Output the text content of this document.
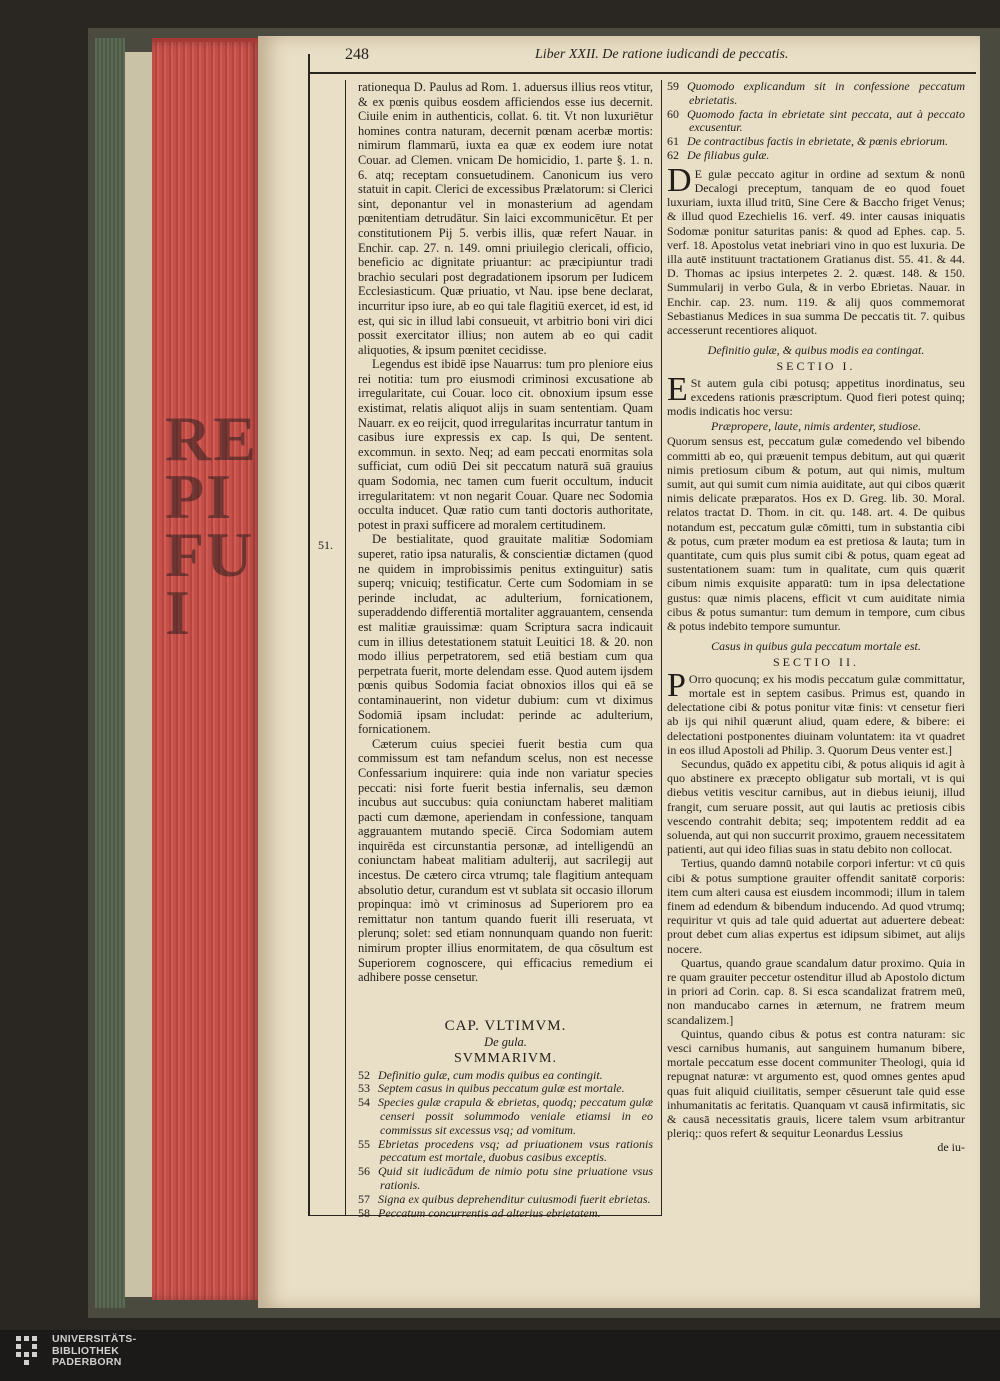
RE
PI
FU
I
248	Liber XXII. De ratione iudicandi de peccatis.
51.

rationequa D. Paulus ad Rom. 1. aduersus illius reos vtitur, & ex pœnis quibus eosdem afficiendos esse ius decernit. Ciuile enim in authenticis, collat. 6. tit. Vt non luxuriētur homines contra naturam, decernit pœnam acerbæ mortis: nimirum flammarū, iuxta ea quæ ex eodem iure notat Couar. ad Clemen. vnicam De homicidio, 1. parte §. 1. n. 6. atq; receptam consuetudinem. Canonicum ius vero statuit in capit. Clerici de excessibus Prælatorum: si Clerici sint, deponantur vel in monasterium ad agendam pœnitentiam detrudātur. Sin laici excommunicētur. Et per constitutionem Pij 5. verbis illis, quæ refert Nauar. in Enchir. cap. 27. n. 149. omni priuilegio clericali, officio, beneficio ac dignitate priuantur: ac præcipiuntur tradi brachio seculari post degradationem ipsorum per Iudicem Ecclesiasticum. Quæ priuatio, vt Nau. ipse bene declarat, incurritur ipso iure, ab eo qui tale flagitiū exercet, id est, id est, qui sic in illud labi consueuit, vt arbitrio boni viri dici possit exercitator illius; non autem ab eo qui cadit aliquoties, & ipsum pœnitet cecidisse.

Legendus est ibidē ipse Nauarrus: tum pro pleniore eius rei notitia: tum pro eiusmodi criminosi excusatione ab irregularitate, cui Couar. loco cit. obnoxium ipsum esse existimat, relatis aliquot alijs in suam sententiam. Quam Nauarr. ex eo reijcit, quod irregularitas incurratur tantum in casibus iure expressis ex cap. Is qui, De sentent. excommun. in sexto. Neq; ad eam peccati enormitas sola sufficiat, cum odiū Dei sit peccatum naturā suā grauius quam Sodomia, nec tamen cum fuerit occultum, inducit irregularitatem: vt non negarit Couar. Quare nec Sodomia occulta inducet. Quæ ratio cum tanti doctoris authoritate, potest in praxi sufficere ad moralem certitudinem.

De bestialitate, quod grauitate malitiæ Sodomiam superet, ratio ipsa naturalis, & conscientiæ dictamen (quod ne quidem in improbissimis penitus extinguitur) satis superq; vnicuiq; testificatur. Certe cum Sodomiam in se perinde includat, ac adulterium, fornicationem, superaddendo differentiā mortaliter aggrauantem, censenda est malitiæ grauissimæ: quam Scriptura sacra indicauit cum in illius detestationem statuit Leuitici 18. & 20. non modo illius perpetratorem, sed etiā bestiam cum qua perpetrata fuerit, morte delendam esse. Quod autem ijsdem pœnis quibus Sodomia faciat obnoxios illos qui eā se contaminauerint, non videtur dubium: cum vt diximus Sodomiā ipsam includat: perinde ac adulterium, fornicationem.

Cæterum cuius speciei fuerit bestia cum qua commissum est tam nefandum scelus, non est necesse Confessarium inquirere: quia inde non variatur species peccati: nisi forte fuerit bestia infernalis, seu dæmon incubus aut succubus: quia coniunctam haberet malitiam pacti cum dæmone, aperiendam in confessione, tanquam aggrauantem mutando speciē. Circa Sodomiam autem inquirēda est circunstantia personæ, ad intelligendū an coniunctam habeat malitiam adulterij, aut sacrilegij aut incestus. De cætero circa vtrumq; tale flagitium antequam absolutio detur, curandum est vt sublata sit occasio illorum propinqua: imò vt criminosus ad Superiorem pro ea remittatur non tantum quando fuerit illi reseruata, vt plerunq; solet: sed etiam nonnunquam quando non fuerit: nimirum propter illius enormitatem, de qua cōsultum est Superiorem cognoscere, qui efficacius remedium ei adhibere posse censetur.

CAP. VLTIMVM.
De gula.
SVMMARIVM.
52 Definitio gulæ, cum modis quibus ea contingit.
53 Septem casus in quibus peccatum gulæ est mortale.
54 Species gulæ crapula & ebrietas, quodq; peccatum gulæ censeri possit solummodo veniale etiamsi in eo commissus sit excessus vsq; ad vomitum.
55 Ebrietas procedens vsq; ad priuationem vsus rationis peccatum est mortale, duobus casibus exceptis.
56 Quid sit iudicādum de nimio potu sine priuatione vsus rationis.
57 Signa ex quibus deprehenditur cuiusmodi fuerit ebrietas.
58 Peccatum concurrentis ad alterius ebrietatem.
59 Quomodo explicandum sit in confessione peccatum ebrietatis.
60 Quomodo facta in ebrietate sint peccata, aut à peccato excusentur.
61 De contractibus factis in ebrietate, & pœnis ebriorum.
62 De filiabus gulæ.

D E gulæ peccato agitur in ordine ad sextum & nonū Decalogi preceptum, tanquam de eo quod fouet luxuriam, iuxta illud tritū, Sine Cere & Baccho friget Venus; & illud quod Ezechielis 16. verf. 49. inter causas iniquatis Sodomæ ponitur saturitas panis: & quod ad Ephes. cap. 5. verf. 18. Apostolus vetat inebriari vino in quo est luxuria. De illa autē instituunt tractationem Gratianus dist. 55. 41. & 44. D. Thomas ac ipsius interpetes 2. 2. quæst. 148. & 150. Summularij in verbo Gula, & in verbo Ebrietas. Nauar. in Enchir. cap. 23. num. 119. & alij quos commemorat Sebastianus Medices in sua summa De peccatis tit. 7. quibus accesserunt recentiores aliquot.

Definitio gulæ, & quibus modis ea contingat.
SECTIO I.

E St autem gula cibi potusq; appetitus inordinatus, seu excedens rationis præscriptum. Quod fieri potest quinq; modis indicatis hoc versu:

Præpropere, laute, nimis ardenter, studiose.

Quorum sensus est, peccatum gulæ comedendo vel bibendo committi ab eo, qui præuenit tempus debitum, aut qui quærit nimis pretiosum cibum & potum, aut qui nimis, multum sumit, aut qui sumit cum nimia auiditate, aut qui cibos quærit nimis delicate præparatos. Hos ex D. Greg. lib. 30. Moral. relatos tractat D. Thom. in cit. qu. 148. art. 4. De quibus notandum est, peccatum gulæ cōmitti, tum in substantia cibi & potus, cum præter modum ea est pretiosa & lauta; tum in quantitate, cum quis plus sumit cibi & potus, quam egeat ad sustentationem suam: tum in qualitate, cum quis quærit cibum nimis exquisite apparatū: tum in ipsa delectatione gustus: quæ nimis placens, efficit vt cum auiditate nimia cibus & potus sumantur: tum demum in tempore, cum cibus & potus indebito tempore sumuntur.

Casus in quibus gula peccatum mortale est.
SECTIO II.

P Orro quocunq; ex his modis peccatum gulæ committatur, mortale est in septem casibus. Primus est, quando in delectatione cibi & potus ponitur vitæ finis: vt censetur fieri ab ijs qui nihil quærunt aliud, quam edere, & bibere: ei delectationi postponentes diuinam voluntatem: ita vt quadret in eos illud Apostoli ad Philip. 3. Quorum Deus venter est.]

Secundus, quādo ex appetitu cibi, & potus aliquis id agit à quo abstinere ex præcepto obligatur sub mortali, vt is qui diebus vetitis vescitur carnibus, aut in diebus ieiunij, illud frangit, cum seruare possit, aut qui lautis ac pretiosis cibis vescendo contrahit debita; seq; impotentem reddit ad ea soluenda, aut qui non succurrit proximo, grauem necessitatem patienti, aut qui ideo filias suas in statu debito non collocat.

Tertius, quando damnū notabile corpori infertur: vt cū quis cibi & potus sumptione grauiter offendit sanitatē corporis: item cum alteri causa est eiusdem incommodi; illum in talem finem ad edendum & bibendum inducendo. Ad quod vtrumq; requiritur vt quis ad tale quid aduertat aut aduertere debeat: prout debet cum alias expertus est idipsum sibimet, aut alijs nocere.

Quartus, quando graue scandalum datur proximo. Quia in re quam grauiter peccetur ostenditur illud ab Apostolo dictum in priori ad Corin. cap. 8. Si esca scandalizat fratrem meū, non manducabo carnes in æternum, ne fratrem meum scandalizem.]

Quintus, quando cibus & potus est contra naturam: sic vesci carnibus humanis, aut sanguinem humanum bibere, mortale peccatum esse docent communiter Theologi, quia id repugnat naturæ: vt argumento est, quod omnes gentes apud quas fuit aliquid ciuilitatis, semper cēsuerunt tale quid esse inhumanitatis ac feritatis. Quanquam vt causā infirmitatis, sic & causā necessitatis grauis, licere talem vsum arbitrantur pleriq;: quos refert & sequitur Leonardus Lessius

de iu-
UNIVERSITÄTS-
BIBLIOTHEK
PADERBORN
